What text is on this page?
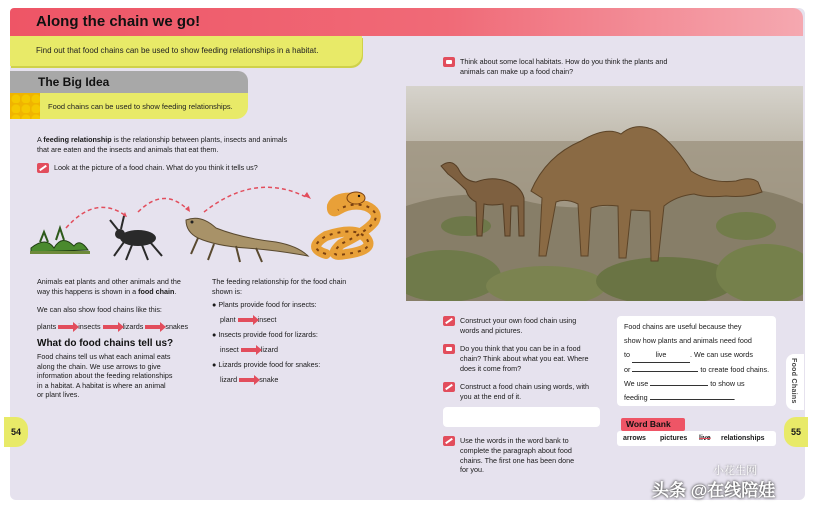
Along the chain we go!

Find out that food chains can be used to show feeding relationships in a habitat.

The Big Idea

Food chains can be used to show feeding relationships.

A feeding relationship is the relationship between plants, insects and animals
that are eaten and the insects and animals that eat them.
Look at the picture of a food chain. What do you think it tells us?
Animals eat plants and other animals and the
way this happens is shown in a food chain.
We can also show food chains like this:
plants	insects	lizards	snakes
What do food chains tell us?
Food chains tell us what each animal eats
along the chain. We use arrows to give
information about the feeding relationships
in a habitat. A habitat is where an animal
or plant lives.
The feeding relationship for the food chain
shown is:
● Plants provide food for insects:
plant	insect
● Insects provide food for lizards:
insect	lizard
● Lizards provide food for snakes:
lizard	snake
54
Think about some local habitats. How do you think the plants and
animals can make up a food chain?
Construct your own food chain using
words and pictures.
Do you think that you can be in a food
chain? Think about what you eat. Where
does it come from?
Construct a food chain using words, with
you at the end of it.
Use the words in the word bank to
complete the paragraph about food
chains. The first one has been done
for you.
Food chains are useful because they
show how plants and animals need food
to	live	. We can use words
or	to create food chains.
We use	to show us
feeding	.
Word Bank
arrows pictures live relationships
Food Chains
55
小花生网
头条 @在线陪娃
